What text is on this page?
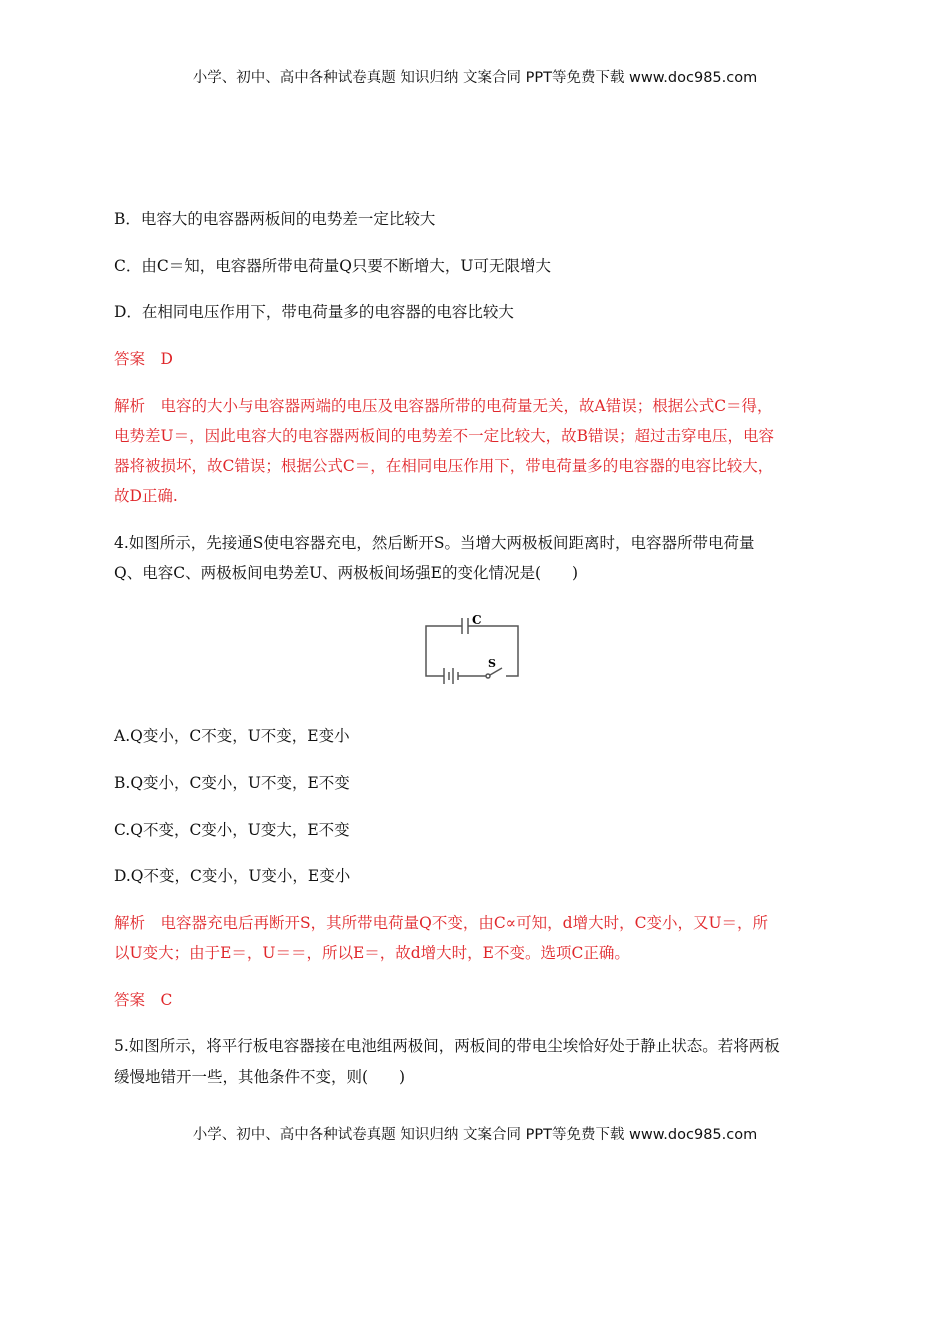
小学、初中、高中各种试卷真题 知识归纳 文案合同 PPT等免费下载 www.doc985.com
B．电容大的电容器两板间的电势差一定比较大
C．由C＝知，电容器所带电荷量Q只要不断增大，U可无限增大
D．在相同电压作用下，带电荷量多的电容器的电容比较大
答案　D
解析　电容的大小与电容器两端的电压及电容器所带的电荷量无关，故A错误；根据公式C＝得，
电势差U＝，因此电容大的电容器两板间的电势差不一定比较大，故B错误；超过击穿电压，电容
器将被损坏，故C错误；根据公式C＝，在相同电压作用下，带电荷量多的电容器的电容比较大，
故D正确.
4.如图所示，先接通S使电容器充电，然后断开S。当增大两极板间距离时，电容器所带电荷量
Q、电容C、两极板间电势差U、两极板间场强E的变化情况是(　　)
C
S
A.Q变小，C不变，U不变，E变小
B.Q变小，C变小，U不变，E不变
C.Q不变，C变小，U变大，E不变
D.Q不变，C变小，U变小，E变小
解析　电容器充电后再断开S，其所带电荷量Q不变，由C∝可知，d增大时，C变小，又U＝，所
以U变大；由于E＝，U＝＝，所以E＝，故d增大时，E不变。选项C正确。
答案　C
5.如图所示，将平行板电容器接在电池组两极间，两板间的带电尘埃恰好处于静止状态。若将两板
缓慢地错开一些，其他条件不变，则(　　)
小学、初中、高中各种试卷真题 知识归纳 文案合同 PPT等免费下载 www.doc985.com
